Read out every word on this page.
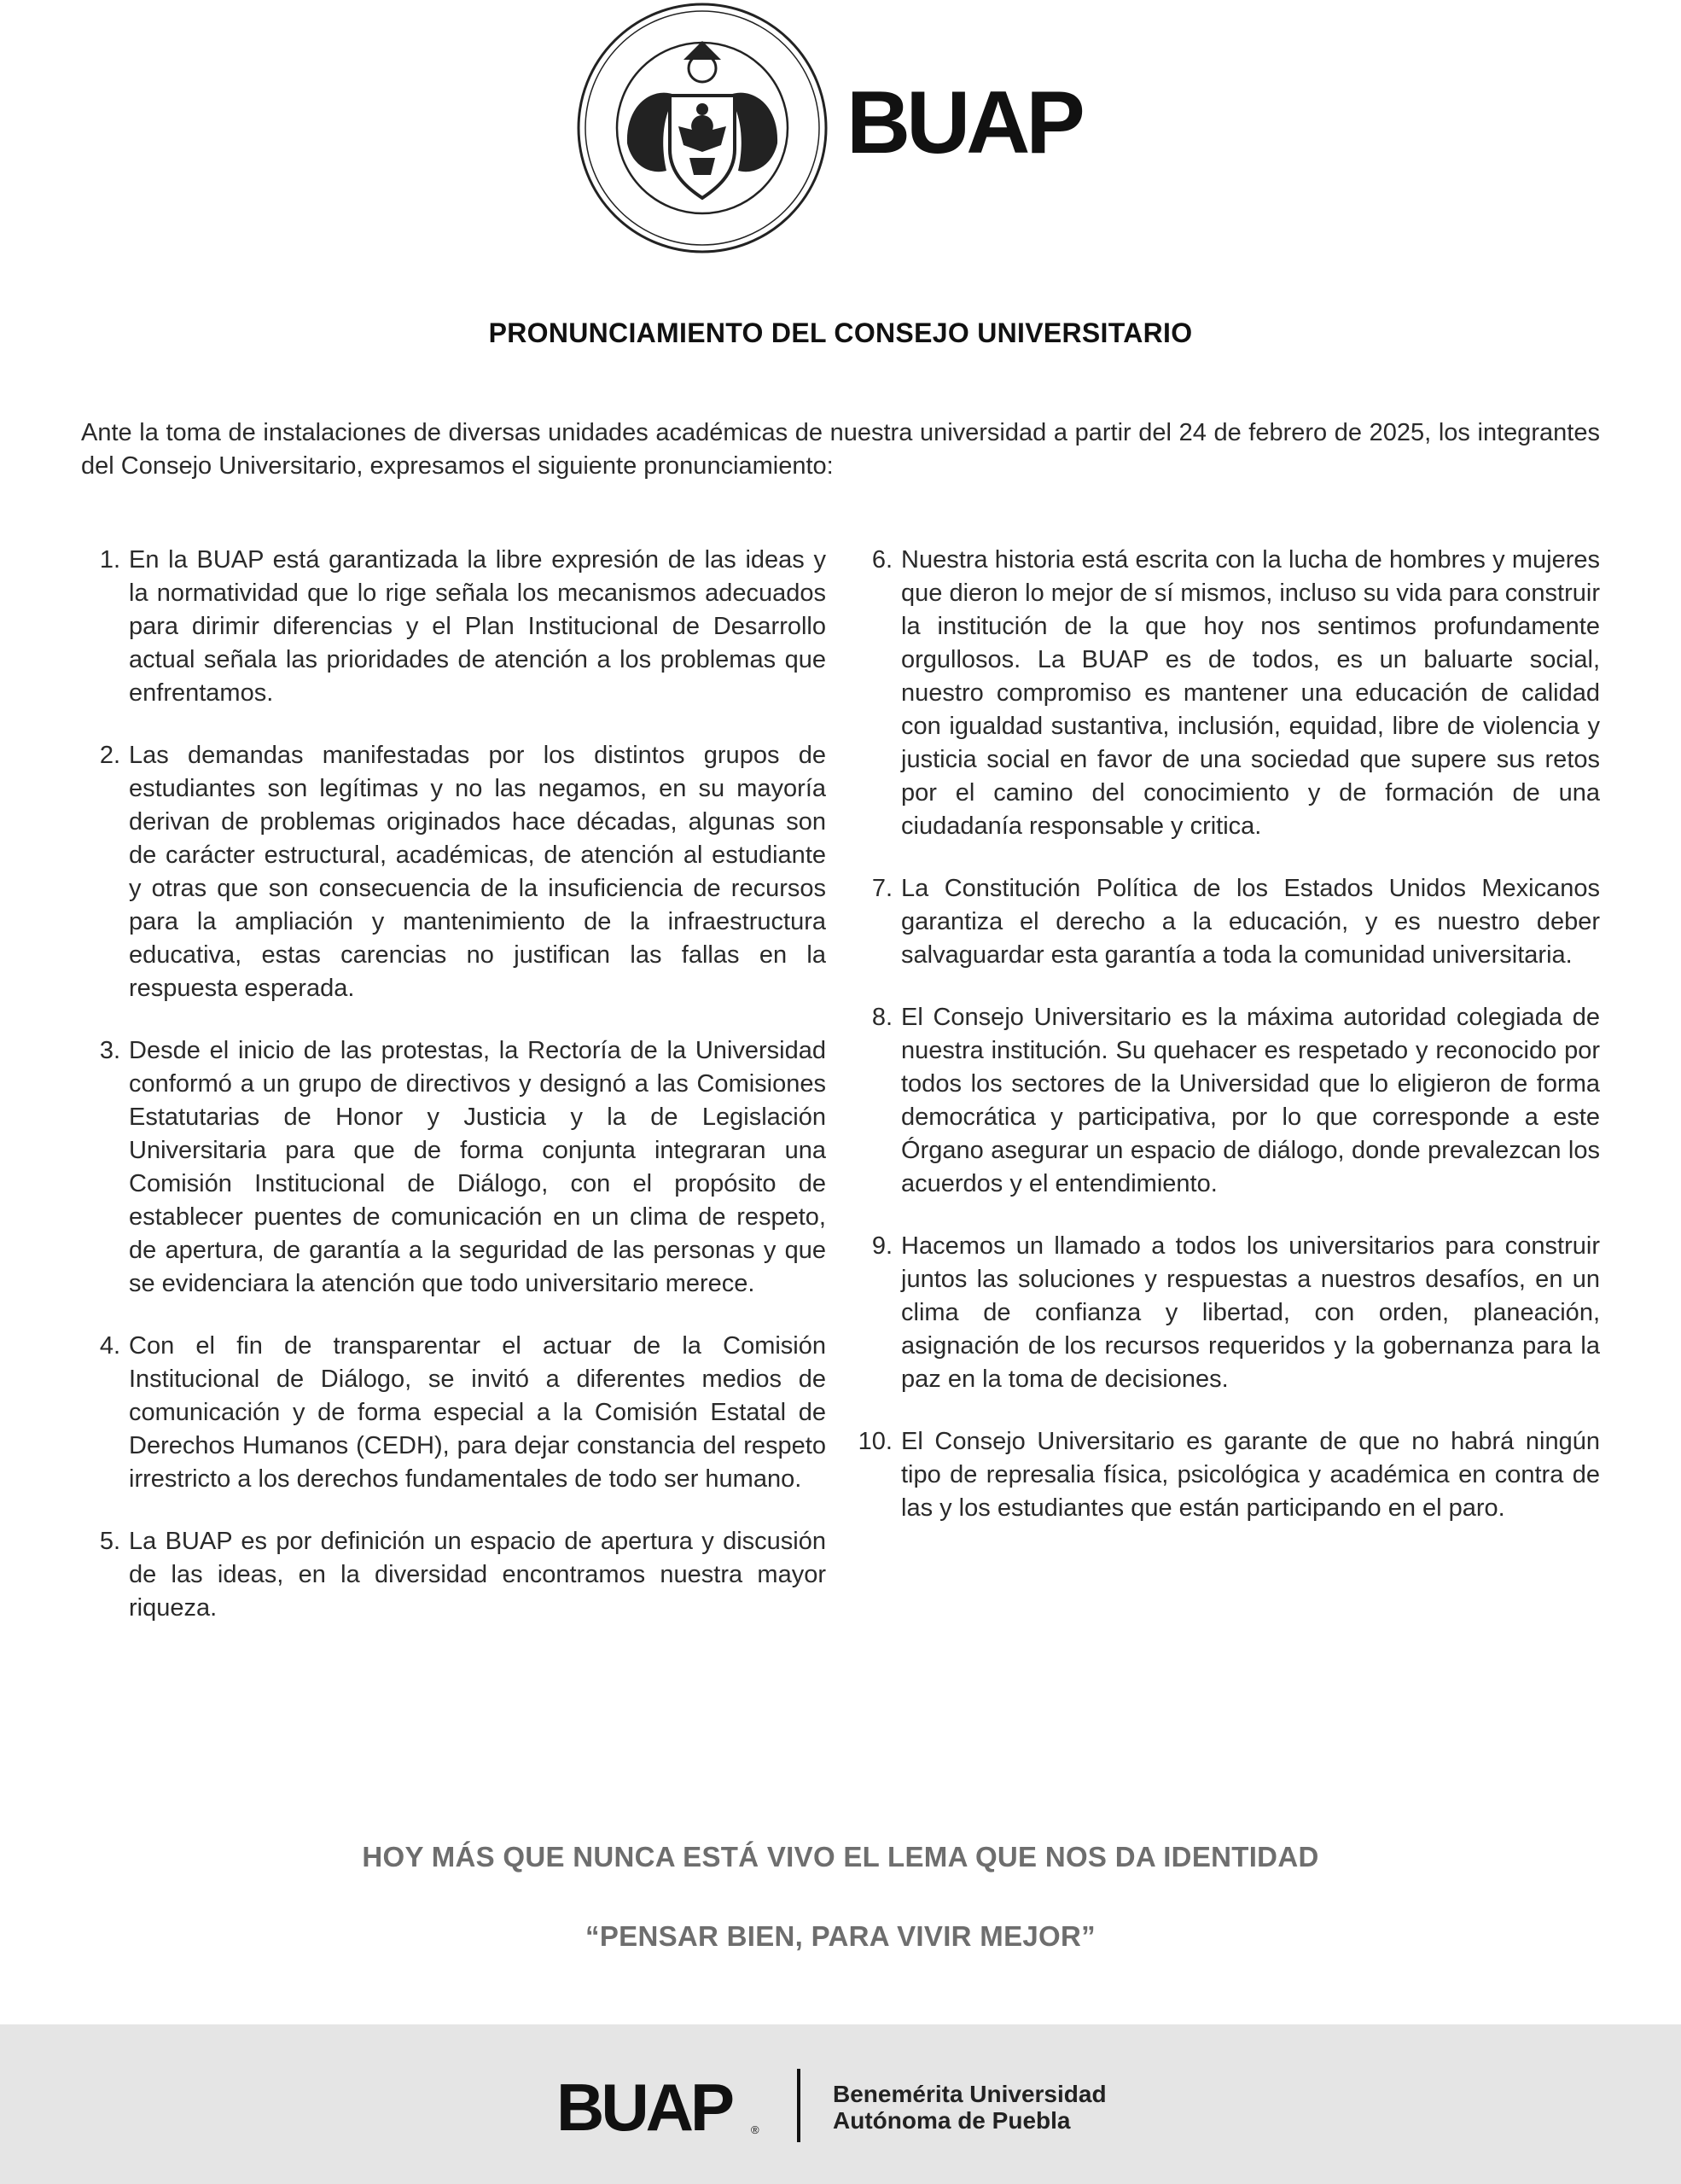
BUAP
PRONUNCIAMIENTO DEL CONSEJO UNIVERSITARIO
Ante la toma de instalaciones de diversas unidades académicas de nuestra universidad a partir del 24 de febrero de 2025, los integrantes del Consejo Universitario, expresamos el siguiente pronunciamiento:
1. En la BUAP está garantizada la libre expresión de las ideas y la normatividad que lo rige señala los mecanismos adecuados para dirimir diferencias y el Plan Institucional de Desarrollo actual señala las prioridades de atención a los problemas que enfrentamos.
2. Las demandas manifestadas por los distintos grupos de estudiantes son legítimas y no las negamos, en su mayoría derivan de problemas originados hace décadas, algunas son de carácter estructural, académicas, de atención al estudiante y otras que son consecuencia de la insuficiencia de recursos para la ampliación y mantenimiento de la infraestructura educativa, estas carencias no justifican las fallas en la respuesta esperada.
3. Desde el inicio de las protestas, la Rectoría de la Universidad conformó a un grupo de directivos y designó a las Comisiones Estatutarias de Honor y Justicia y la de Legislación Universitaria para que de forma conjunta integraran una Comisión Institucional de Diálogo, con el propósito de establecer puentes de comunicación en un clima de respeto, de apertura, de garantía a la seguridad de las personas y que se evidenciara la atención que todo universitario merece.
4. Con el fin de transparentar el actuar de la Comisión Institucional de Diálogo, se invitó a diferentes medios de comunicación y de forma especial a la Comisión Estatal de Derechos Humanos (CEDH), para dejar constancia del respeto irrestricto a los derechos fundamentales de todo ser humano.
5. La BUAP es por definición un espacio de apertura y discusión de las ideas, en la diversidad encontramos nuestra mayor riqueza.
6. Nuestra historia está escrita con la lucha de hombres y mujeres que dieron lo mejor de sí mismos, incluso su vida para construir la institución de la que hoy nos sentimos profundamente orgullosos. La BUAP es de todos, es un baluarte social, nuestro compromiso es mantener una educación de calidad con igualdad sustantiva, inclusión, equidad, libre de violencia y justicia social en favor de una sociedad que supere sus retos por el camino del conocimiento y de formación de una ciudadanía responsable y critica.
7. La Constitución Política de los Estados Unidos Mexicanos garantiza el derecho a la educación, y es nuestro deber salvaguardar esta garantía a toda la comunidad universitaria.
8. El Consejo Universitario es la máxima autoridad colegiada de nuestra institución. Su quehacer es respetado y reconocido por todos los sectores de la Universidad que lo eligieron de forma democrática y participativa, por lo que corresponde a este Órgano asegurar un espacio de diálogo, donde prevalezcan los acuerdos y el entendimiento.
9. Hacemos un llamado a todos los universitarios para construir juntos las soluciones y respuestas a nuestros desafíos, en un clima de confianza y libertad, con orden, planeación, asignación de los recursos requeridos y la gobernanza para la paz en la toma de decisiones.
10. El Consejo Universitario es garante de que no habrá ningún tipo de represalia física, psicológica y académica en contra de las y los estudiantes que están participando en el paro.
HOY MÁS QUE NUNCA ESTÁ VIVO EL LEMA QUE NOS DA IDENTIDAD
“PENSAR BIEN, PARA VIVIR MEJOR”
BUAP ®
Benemérita Universidad
Autónoma de Puebla
